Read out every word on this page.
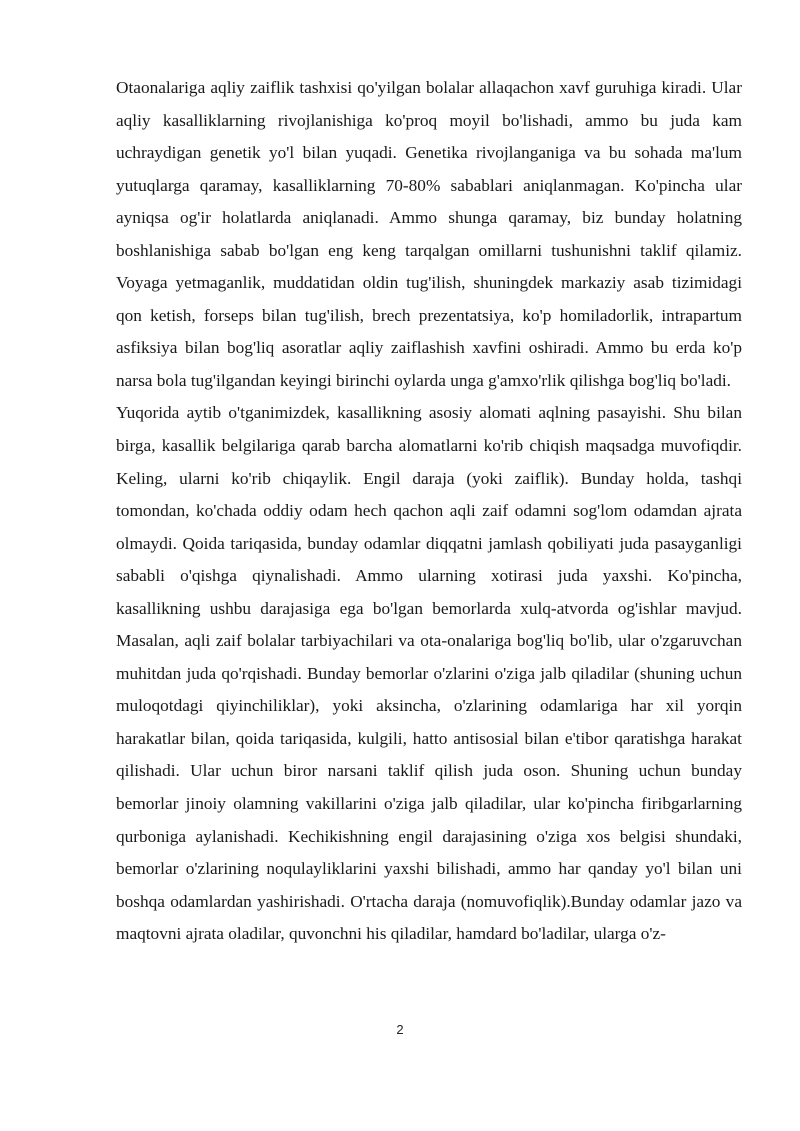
Otaonalariga aqliy zaiflik tashxisi qo'yilgan bolalar allaqachon xavf guruhiga kiradi. Ular aqliy kasalliklarning rivojlanishiga ko'proq moyil bo'lishadi, ammo bu juda kam uchraydigan genetik yo'l bilan yuqadi. Genetika rivojlanganiga va bu sohada ma'lum yutuqlarga qaramay, kasalliklarning 70-80% sabablari aniqlanmagan. Ko'pincha ular ayniqsa og'ir holatlarda aniqlanadi. Ammo shunga qaramay, biz bunday holatning boshlanishiga sabab bo'lgan eng keng tarqalgan omillarni tushunishni taklif qilamiz. Voyaga yetmaganlik, muddatidan oldin tug'ilish, shuningdek markaziy asab tizimidagi qon ketish, forseps bilan tug'ilish, brech prezentatsiya, ko'p homiladorlik, intrapartum asfiksiya bilan bog'liq asoratlar aqliy zaiflashish xavfini oshiradi. Ammo bu erda ko'p narsa bola tug'ilgandan keyingi birinchi oylarda unga g'amxo'rlik qilishga bog'liq bo'ladi.

Yuqorida aytib o'tganimizdek, kasallikning asosiy alomati aqlning pasayishi. Shu bilan birga, kasallik belgilariga qarab barcha alomatlarni ko'rib chiqish maqsadga muvofiqdir. Keling, ularni ko'rib chiqaylik. Engil daraja (yoki zaiflik). Bunday holda, tashqi tomondan, ko'chada oddiy odam hech qachon aqli zaif odamni sog'lom odamdan ajrata olmaydi. Qoida tariqasida, bunday odamlar diqqatni jamlash qobiliyati juda pasayganligi sababli o'qishga qiynalishadi. Ammo ularning xotirasi juda yaxshi. Ko'pincha, kasallikning ushbu darajasiga ega bo'lgan bemorlarda xulq-atvorda og'ishlar mavjud. Masalan, aqli zaif bolalar tarbiyachilari va ota-onalariga bog'liq bo'lib, ular o'zgaruvchan muhitdan juda qo'rqishadi. Bunday bemorlar o'zlarini o'ziga jalb qiladilar (shuning uchun muloqotdagi qiyinchiliklar), yoki aksincha, o'zlarining odamlariga har xil yorqin harakatlar bilan, qoida tariqasida, kulgili, hatto antisosial bilan e'tibor qaratishga harakat qilishadi. Ular uchun biror narsani taklif qilish juda oson. Shuning uchun bunday bemorlar jinoiy olamning vakillarini o'ziga jalb qiladilar, ular ko'pincha firibgarlarning qurboniga aylanishadi. Kechikishning engil darajasining o'ziga xos belgisi shundaki, bemorlar o'zlarining noqulayliklarini yaxshi bilishadi, ammo har qanday yo'l bilan uni boshqa odamlardan yashirishadi. O'rtacha daraja (nomuvofiqlik).Bunday odamlar jazo va maqtovni ajrata oladilar, quvonchni his qiladilar, hamdard bo'ladilar, ularga o'z-

2
